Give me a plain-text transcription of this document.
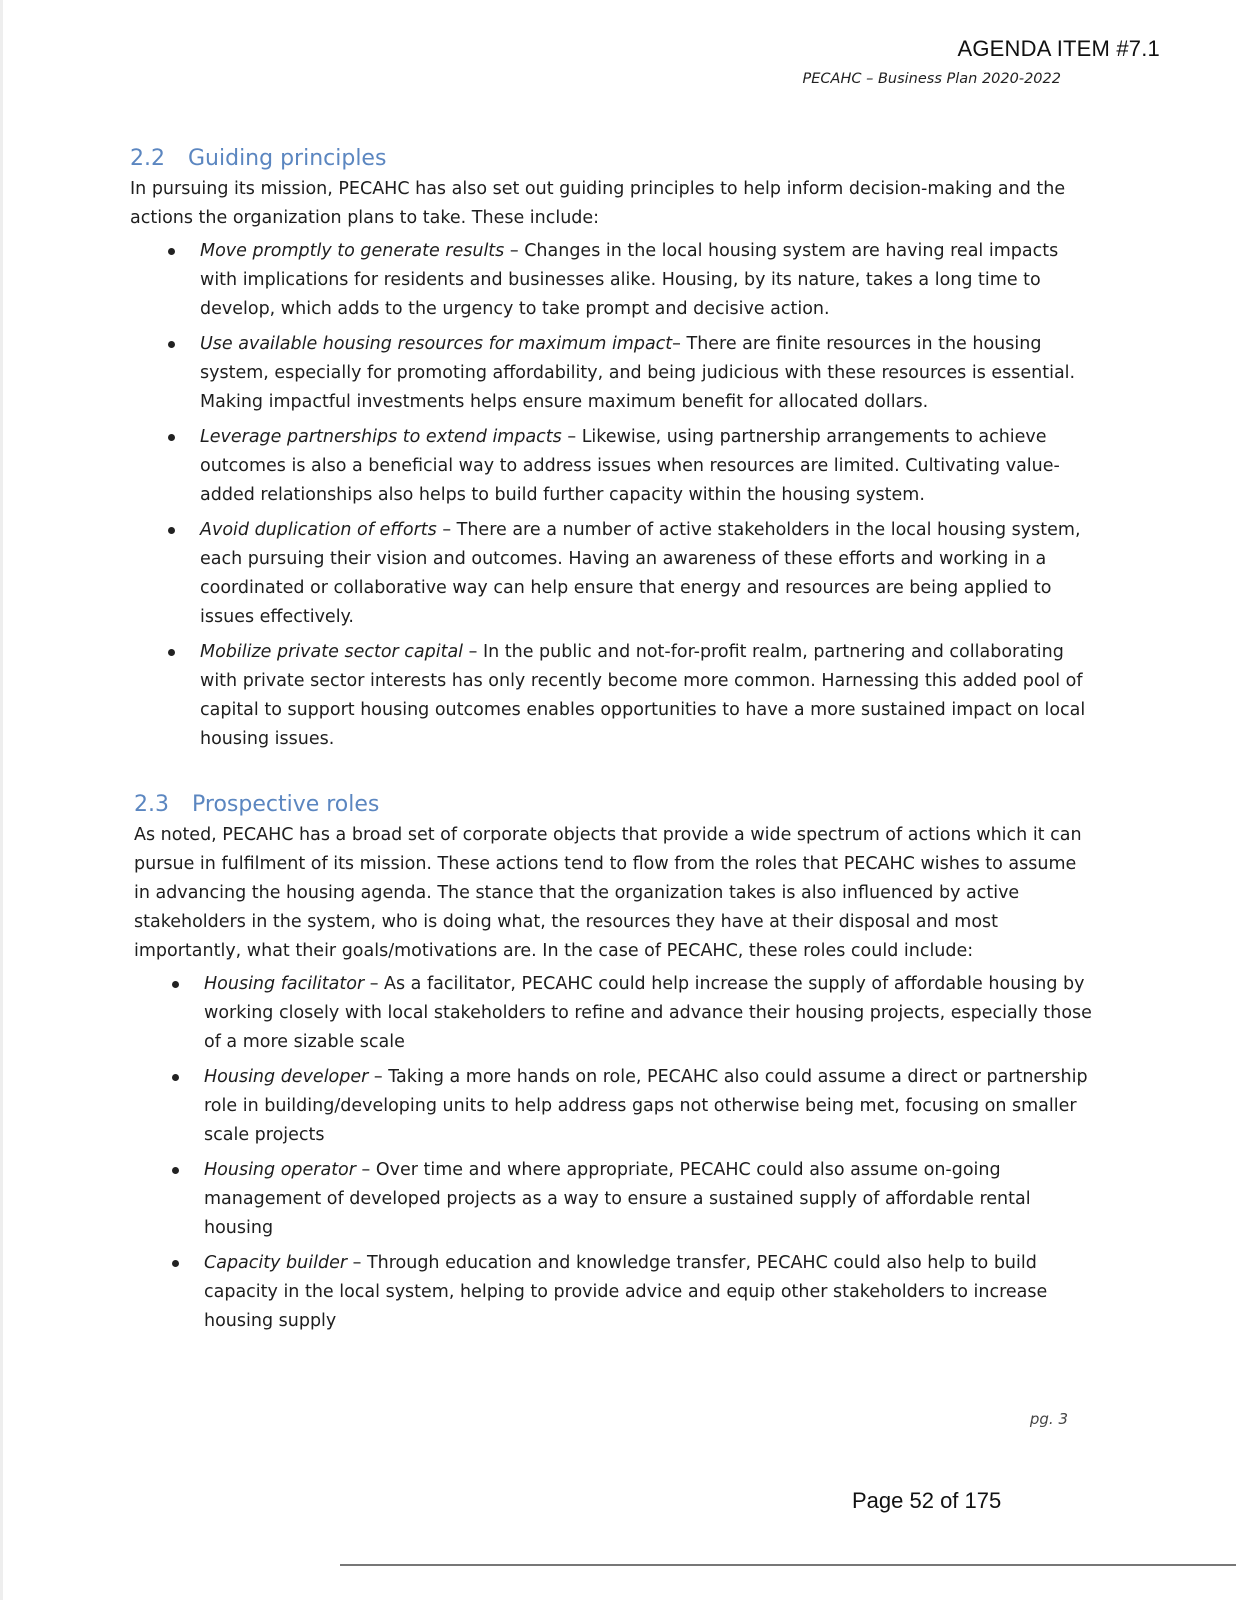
AGENDA ITEM #7.1
PECAHC – Business Plan 2020-2022
2.2 Guiding principles

In pursuing its mission, PECAHC has also set out guiding principles to help inform decision-making and the actions the organization plans to take. These include:

Move promptly to generate results – Changes in the local housing system are having real impacts with implications for residents and businesses alike. Housing, by its nature, takes a long time to develop, which adds to the urgency to take prompt and decisive action.
Use available housing resources for maximum impact– There are finite resources in the housing system, especially for promoting affordability, and being judicious with these resources is essential. Making impactful investments helps ensure maximum benefit for allocated dollars.
Leverage partnerships to extend impacts – Likewise, using partnership arrangements to achieve outcomes is also a beneficial way to address issues when resources are limited. Cultivating value-added relationships also helps to build further capacity within the housing system.
Avoid duplication of efforts – There are a number of active stakeholders in the local housing system, each pursuing their vision and outcomes. Having an awareness of these efforts and working in a coordinated or collaborative way can help ensure that energy and resources are being applied to issues effectively.
Mobilize private sector capital – In the public and not-for-profit realm, partnering and collaborating with private sector interests has only recently become more common. Harnessing this added pool of capital to support housing outcomes enables opportunities to have a more sustained impact on local housing issues.
2.3 Prospective roles

As noted, PECAHC has a broad set of corporate objects that provide a wide spectrum of actions which it can pursue in fulfilment of its mission. These actions tend to flow from the roles that PECAHC wishes to assume in advancing the housing agenda. The stance that the organization takes is also influenced by active stakeholders in the system, who is doing what, the resources they have at their disposal and most importantly, what their goals/motivations are. In the case of PECAHC, these roles could include:

Housing facilitator – As a facilitator, PECAHC could help increase the supply of affordable housing by working closely with local stakeholders to refine and advance their housing projects, especially those of a more sizable scale
Housing developer – Taking a more hands on role, PECAHC also could assume a direct or partnership role in building/developing units to help address gaps not otherwise being met, focusing on smaller scale projects
Housing operator – Over time and where appropriate, PECAHC could also assume on-going management of developed projects as a way to ensure a sustained supply of affordable rental housing
Capacity builder – Through education and knowledge transfer, PECAHC could also help to build capacity in the local system, helping to provide advice and equip other stakeholders to increase housing supply
pg. 3
Page 52 of 175
